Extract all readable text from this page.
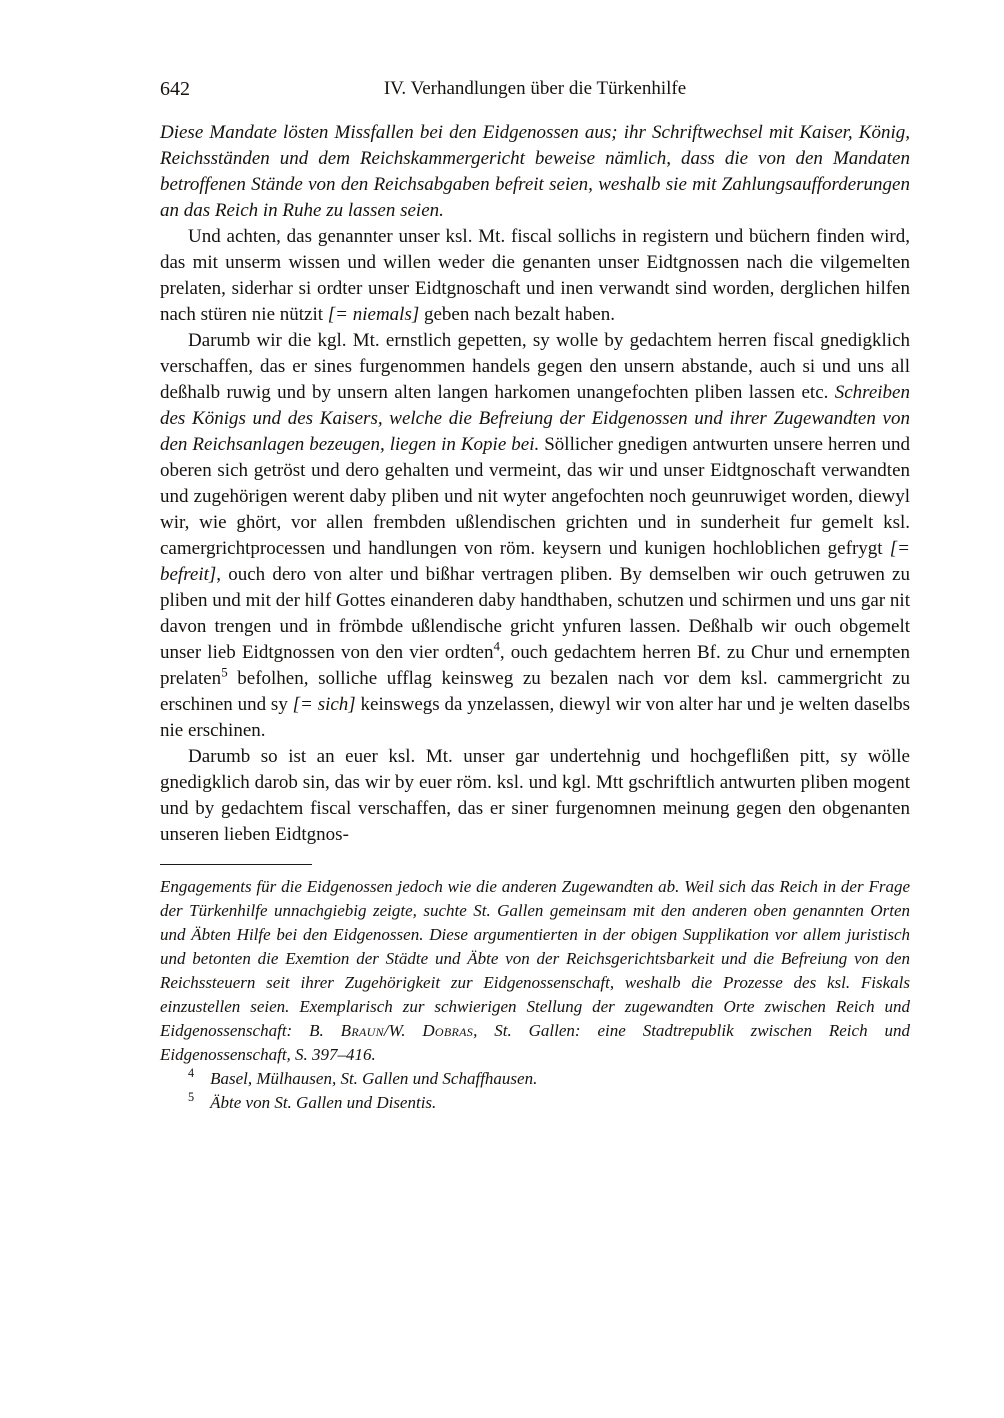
642	IV. Verhandlungen über die Türkenhilfe

Diese Mandate lösten Missfallen bei den Eidgenossen aus; ihr Schriftwechsel mit Kaiser, König, Reichsständen und dem Reichskammergericht beweise nämlich, dass die von den Mandaten betroffenen Stände von den Reichsabgaben befreit seien, weshalb sie mit Zahlungsaufforderungen an das Reich in Ruhe zu lassen seien.

Und achten, das genannter unser ksl. Mt. fiscal sollichs in registern und büchern finden wird, das mit unserm wissen und willen weder die genanten unser Eidtgnossen nach die vilgemelten prelaten, siderhar si ordter unser Eidtgnoschaft und inen verwandt sind worden, derglichen hilfen nach stüren nie nützit [= niemals] geben nach bezalt haben.

Darumb wir die kgl. Mt. ernstlich gepetten, sy wolle by gedachtem herren fiscal gnedigklich verschaffen, das er sines furgenommen handels gegen den unsern abstande, auch si und uns all deßhalb ruwig und by unsern alten langen harkomen unangefochten pliben lassen etc. Schreiben des Königs und des Kaisers, welche die Befreiung der Eidgenossen und ihrer Zugewandten von den Reichsanlagen bezeugen, liegen in Kopie bei. Söllicher gnedigen antwurten unsere herren und oberen sich getröst und dero gehalten und vermeint, das wir und unser Eidtgnoschaft verwandten und zugehörigen werent daby pliben und nit wyter angefochten noch geunruwiget worden, diewyl wir, wie ghört, vor allen frembden ußlendischen grichten und in sunderheit fur gemelt ksl. camergrichtprocessen und handlungen von röm. keysern und kunigen hochloblichen gefrygt [= befreit], ouch dero von alter und bißhar vertragen pliben. By demselben wir ouch getruwen zu pliben und mit der hilf Gottes einanderen daby handthaben, schutzen und schirmen und uns gar nit davon trengen und in frömbde ußlendische gricht ynfuren lassen. Deßhalb wir ouch obgemelt unser lieb Eidtgnossen von den vier ordten$^4$, ouch gedachtem herren Bf. zu Chur und ernempten prelaten$^5$ befolhen, solliche ufflag keinsweg zu bezalen nach vor dem ksl. cammergricht zu erschinen und sy [= sich] keinswegs da ynzelassen, diewyl wir von alter har und je welten daselbs nie erschinen.

Darumb so ist an euer ksl. Mt. unser gar undertehnig und hochgeflißen pitt, sy wölle gnedigklich darob sin, das wir by euer röm. ksl. und kgl. Mtt gschriftlich antwurten pliben mogent und by gedachtem fiscal verschaffen, das er siner furgenomnen meinung gegen den obgenanten unseren lieben Eidtgnos-

Engagements für die Eidgenossen jedoch wie die anderen Zugewandten ab. Weil sich das Reich in der Frage der Türkenhilfe unnachgiebig zeigte, suchte St. Gallen gemeinsam mit den anderen oben genannten Orten und Äbten Hilfe bei den Eidgenossen. Diese argumentierten in der obigen Supplikation vor allem juristisch und betonten die Exemtion der Städte und Äbte von der Reichsgerichtsbarkeit und die Befreiung von den Reichssteuern seit ihrer Zugehörigkeit zur Eidgenossenschaft, weshalb die Prozesse des ksl. Fiskals einzustellen seien. Exemplarisch zur schwierigen Stellung der zugewandten Orte zwischen Reich und Eidgenossenschaft: B. Braun/W. Dobras, St. Gallen: eine Stadtrepublik zwischen Reich und Eidgenossenschaft, S. 397–416.

$^4$ Basel, Mülhausen, St. Gallen und Schaffhausen.

$^5$ Äbte von St. Gallen und Disentis.
